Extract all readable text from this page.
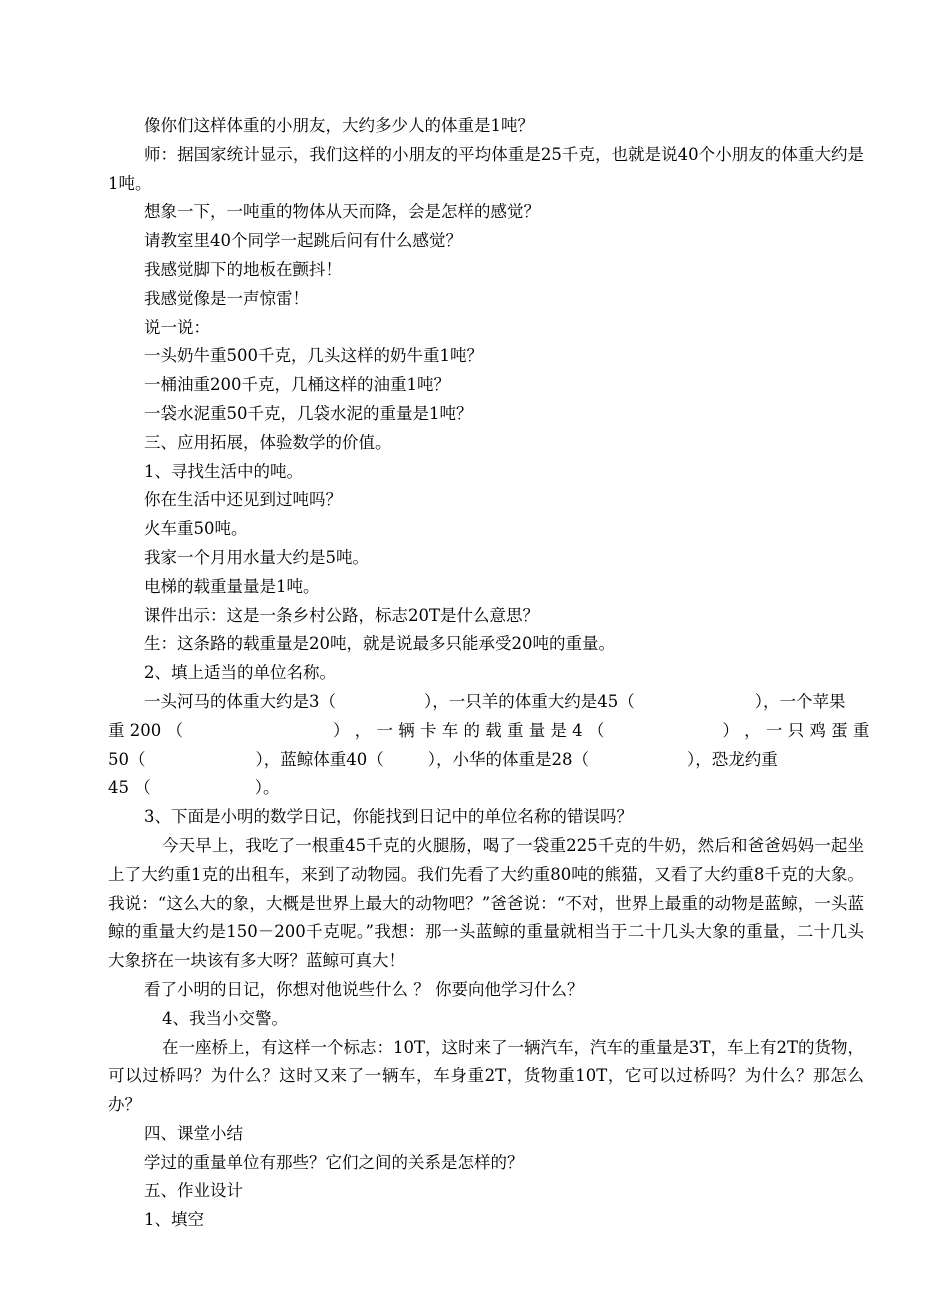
像你们这样体重的小朋友，大约多少人的体重是1吨？

师：据国家统计显示，我们这样的小朋友的平均体重是25千克，也就是说40个小朋友的体重大约是1吨。

想象一下，一吨重的物体从天而降，会是怎样的感觉？

请教室里40个同学一起跳后问有什么感觉？

我感觉脚下的地板在颤抖！

我感觉像是一声惊雷！

说一说：

一头奶牛重500千克，几头这样的奶牛重1吨？

一桶油重200千克，几桶这样的油重1吨？

一袋水泥重50千克，几袋水泥的重量是1吨？

三、应用拓展，体验数学的价值。

1、寻找生活中的吨。

你在生活中还见到过吨吗？

火车重50吨。

我家一个月用水量大约是5吨。

电梯的载重量量是1吨。

课件出示：这是一条乡村公路，标志20T是什么意思？

生：这条路的载重量是20吨，就是说最多只能承受20吨的重量。

2、填上适当的单位名称。

一头河马的体重大约是3（	），一只羊的体重大约是45（	），一个苹果
重 200 （	） ， 一 辆 卡 车 的 载 重 量 是 4 （	） ， 一 只 鸡 蛋 重
50（	），蓝鲸体重40（	），小华的体重是28（	），恐龙约重
45 （	）。

3、下面是小明的数学日记，你能找到日记中的单位名称的错误吗？

今天早上，我吃了一根重45千克的火腿肠，喝了一袋重225千克的牛奶，然后和爸爸妈妈一起坐上了大约重1克的出租车，来到了动物园。我们先看了大约重80吨的熊猫，又看了大约重8千克的大象。我说：“这么大的象，大概是世界上最大的动物吧？”爸爸说：“不对，世界上最重的动物是蓝鲸，一头蓝鲸的重量大约是150－200千克呢。”我想：那一头蓝鲸的重量就相当于二十几头大象的重量，二十几头大象挤在一块该有多大呀？蓝鲸可真大！

看了小明的日记，你想对他说些什么 ？ 你要向他学习什么？

4、我当小交警。

在一座桥上，有这样一个标志：10T，这时来了一辆汽车，汽车的重量是3T，车上有2T的货物，可以过桥吗？为什么？这时又来了一辆车，车身重2T，货物重10T，它可以过桥吗？为什么？那怎么办？

四、课堂小结

学过的重量单位有那些？它们之间的关系是怎样的？

五、作业设计

1、填空
